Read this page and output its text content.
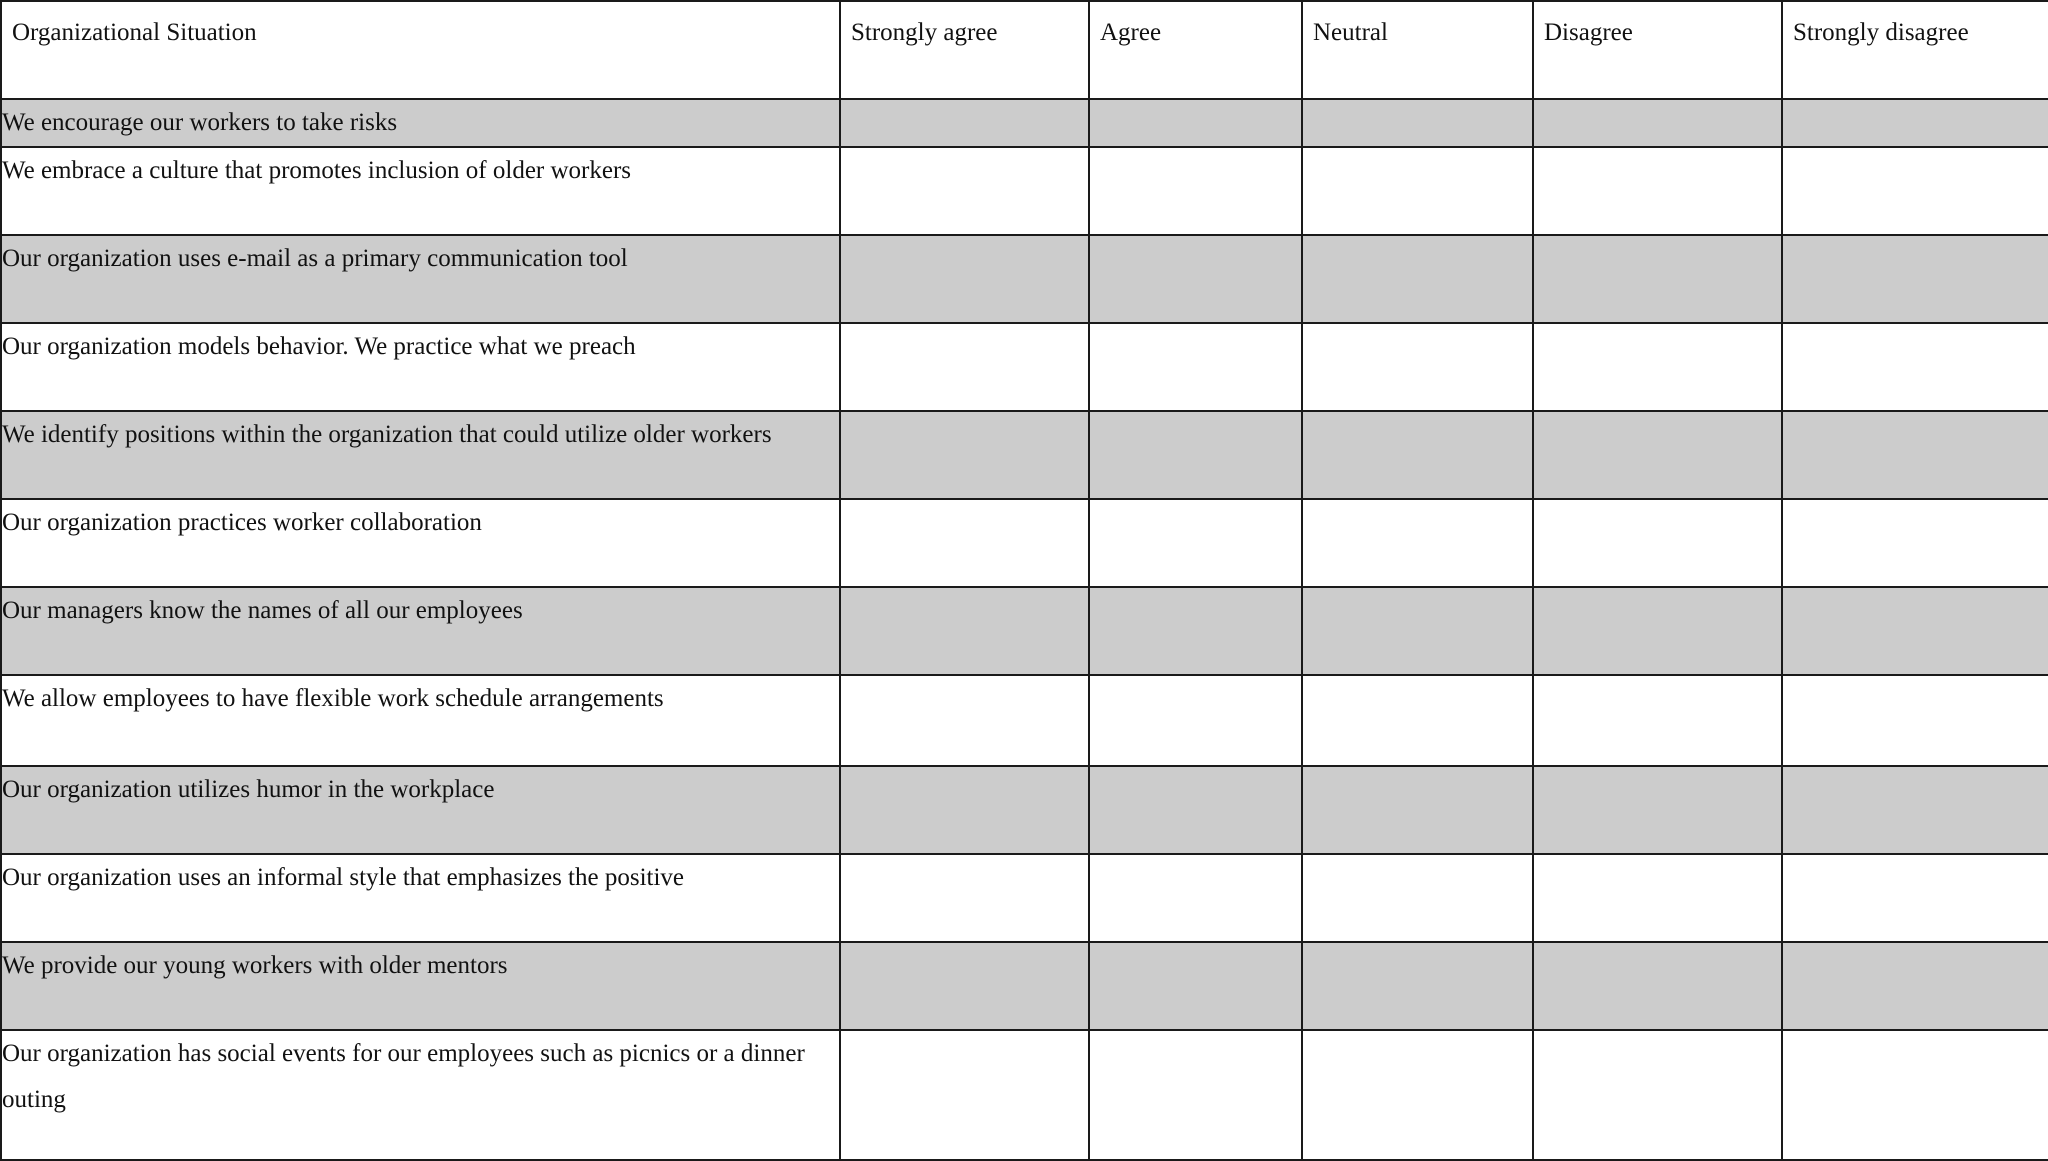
Organizational Situation	Strongly agree	Agree	Neutral	Disagree	Strongly disagree
We encourage our workers to take risks					
We embrace a culture that promotes inclusion of older workers					
Our organization uses e-mail as a primary communication tool					
Our organization models behavior. We practice what we preach					
We identify positions within the organization that could utilize older workers					
Our organization practices worker collaboration					
Our managers know the names of all our employees					
We allow employees to have flexible work schedule arrangements					
Our organization utilizes humor in the workplace					
Our organization uses an informal style that emphasizes the positive					
We provide our young workers with older mentors					
Our organization has social events for our employees such as picnics or a dinner outing					
